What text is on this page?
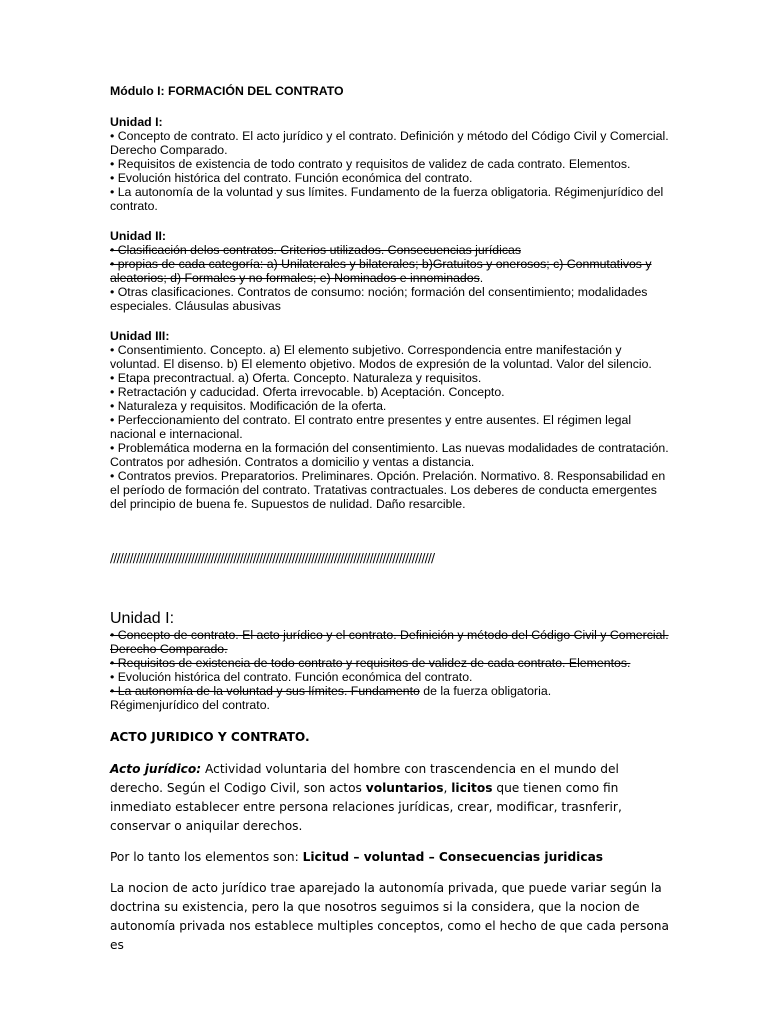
Módulo I: FORMACIÓN DEL CONTRATO

Unidad I:

• Concepto de contrato. El acto jurídico y el contrato. Definición y método del Código Civil y Comercial. Derecho Comparado.

• Requisitos de existencia de todo contrato y requisitos de validez de cada contrato. Elementos.

• Evolución histórica del contrato. Función económica del contrato.

• La autonomía de la voluntad y sus límites. Fundamento de la fuerza obligatoria. Régimenjurídico del contrato.

Unidad II:

• Clasificación delos contratos. Criterios utilizados. Consecuencias jurídicas

• propias de cada categoría: a) Unilaterales y bilaterales; b)Gratuitos y onerosos; c) Conmutativos y aleatorios; d) Formales y no formales; e) Nominados e innominados.

• Otras clasificaciones. Contratos de consumo: noción; formación del consentimiento; modalidades especiales. Cláusulas abusivas

Unidad III:

• Consentimiento. Concepto. a) El elemento subjetivo. Correspondencia entre manifestación y voluntad. El disenso. b) El elemento objetivo. Modos de expresión de la voluntad. Valor del silencio.

• Etapa precontractual. a) Oferta. Concepto. Naturaleza y requisitos.

• Retractación y caducidad. Oferta irrevocable. b) Aceptación. Concepto.

• Naturaleza y requisitos. Modificación de la oferta.

• Perfeccionamiento del contrato. El contrato entre presentes y entre ausentes. El régimen legal nacional e internacional.

• Problemática moderna en la formación del consentimiento. Las nuevas modalidades de contratación. Contratos por adhesión. Contratos a domicilio y ventas a distancia.

• Contratos previos. Preparatorios. Preliminares. Opción. Prelación. Normativo. 8. Responsabilidad en el período de formación del contrato. Tratativas contractuales. Los deberes de conducta emergentes del principio de buena fe. Supuestos de nulidad. Daño resarcible.

////////////////////////////////////////////////////////////////////////////////////////////////////

Unidad I:

• Concepto de contrato. El acto jurídico y el contrato. Definición y método del Código Civil y Comercial. Derecho Comparado.

• Requisitos de existencia de todo contrato y requisitos de validez de cada contrato. Elementos.

• Evolución histórica del contrato. Función económica del contrato.

• La autonomía de la voluntad y sus límites. Fundamento de la fuerza obligatoria.

Régimenjurídico del contrato.

ACTO JURIDICO Y CONTRATO.

Acto jurídico: Actividad voluntaria del hombre con trascendencia en el mundo del derecho. Según el Codigo Civil, son actos voluntarios, licitos que tienen como fin inmediato establecer entre persona relaciones jurídicas, crear, modificar, trasnferir, conservar o aniquilar derechos.

Por lo tanto los elementos son: Licitud – voluntad – Consecuencias juridicas

La nocion de acto jurídico trae aparejado la autonomía privada, que puede variar según la doctrina su existencia, pero la que nosotros seguimos si la considera, que la nocion de autonomía privada nos establece multiples conceptos, como el hecho de que cada persona es
